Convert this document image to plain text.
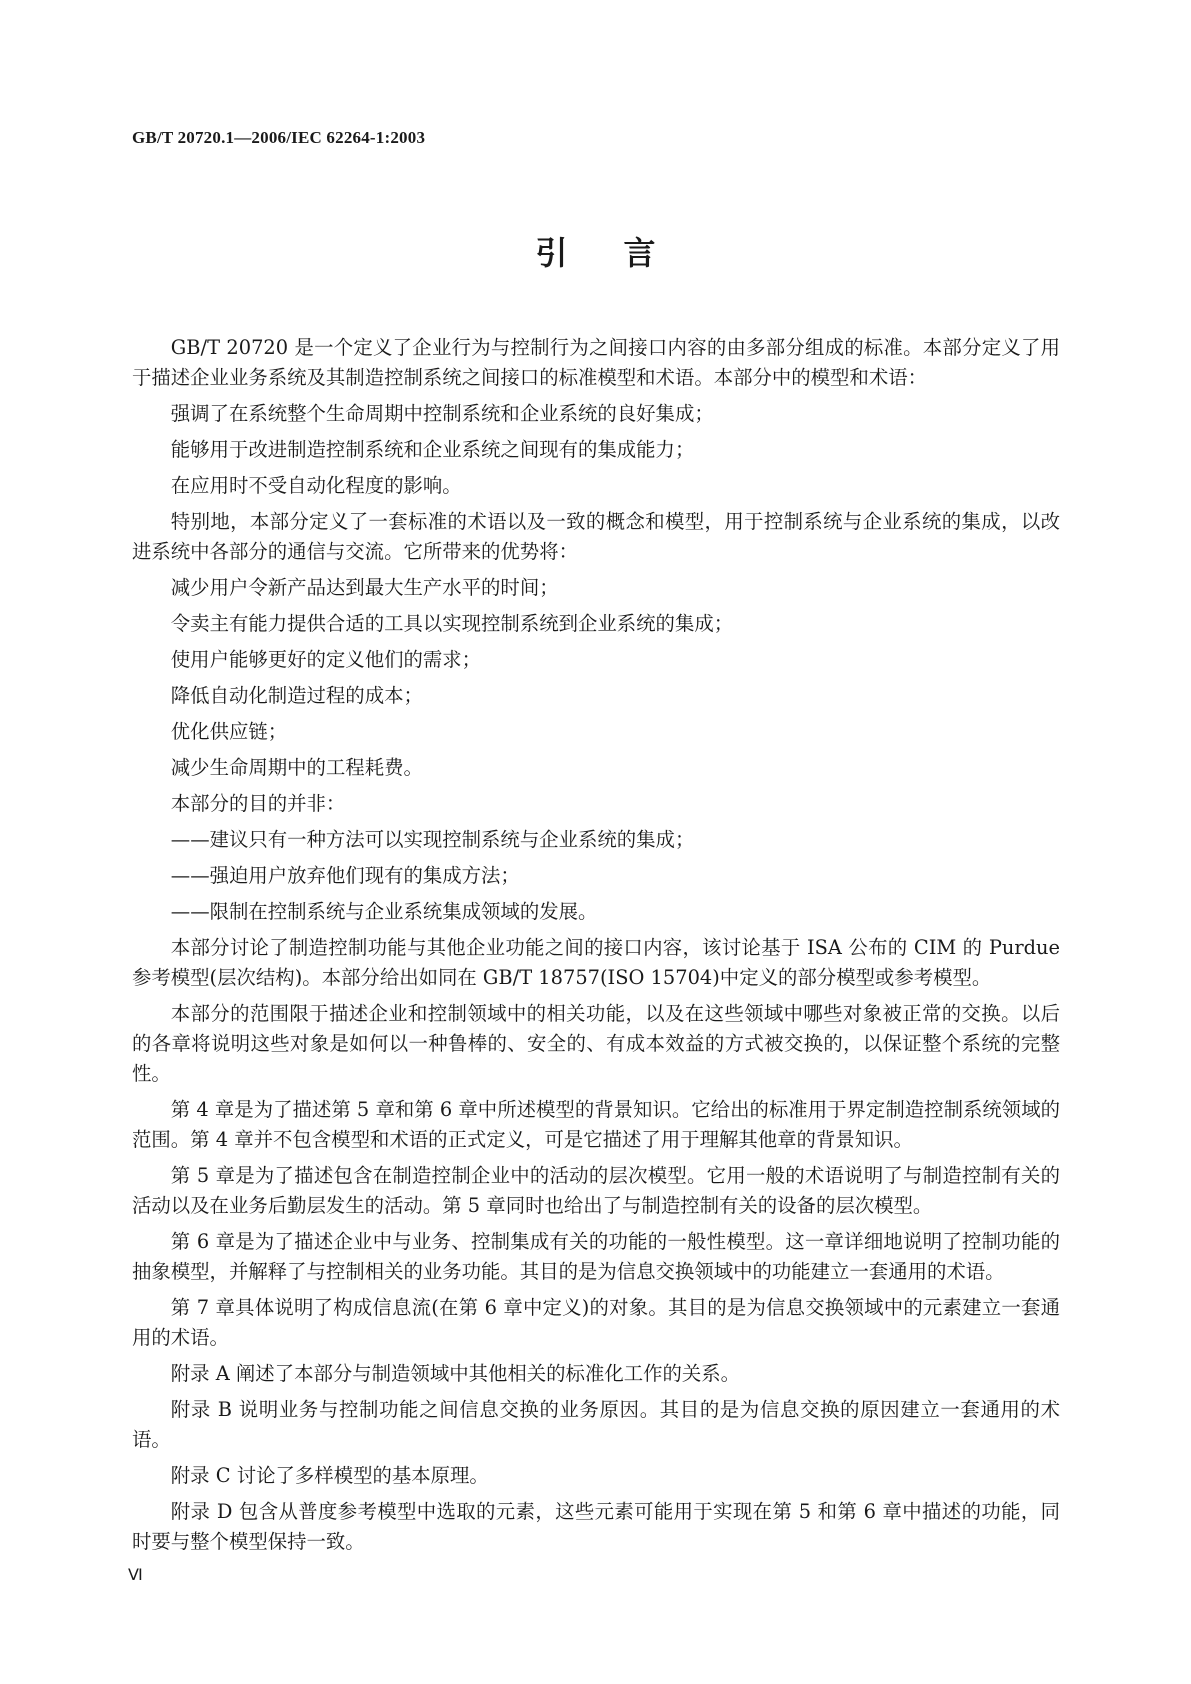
GB/T 20720.1—2006/IEC 62264-1:2003
引言

GB/T 20720 是一个定义了企业行为与控制行为之间接口内容的由多部分组成的标准。本部分定义了用于描述企业业务系统及其制造控制系统之间接口的标准模型和术语。本部分中的模型和术语：

强调了在系统整个生命周期中控制系统和企业系统的良好集成；

能够用于改进制造控制系统和企业系统之间现有的集成能力；

在应用时不受自动化程度的影响。

特别地，本部分定义了一套标准的术语以及一致的概念和模型，用于控制系统与企业系统的集成，以改进系统中各部分的通信与交流。它所带来的优势将：

减少用户令新产品达到最大生产水平的时间；

令卖主有能力提供合适的工具以实现控制系统到企业系统的集成；

使用户能够更好的定义他们的需求；

降低自动化制造过程的成本；

优化供应链；

减少生命周期中的工程耗费。

本部分的目的并非：

——建议只有一种方法可以实现控制系统与企业系统的集成；

——强迫用户放弃他们现有的集成方法；

——限制在控制系统与企业系统集成领域的发展。

本部分讨论了制造控制功能与其他企业功能之间的接口内容，该讨论基于 ISA 公布的 CIM 的 Purdue 参考模型(层次结构)。本部分给出如同在 GB/T 18757(ISO 15704)中定义的部分模型或参考模型。

本部分的范围限于描述企业和控制领域中的相关功能，以及在这些领域中哪些对象被正常的交换。以后的各章将说明这些对象是如何以一种鲁棒的、安全的、有成本效益的方式被交换的，以保证整个系统的完整性。

第 4 章是为了描述第 5 章和第 6 章中所述模型的背景知识。它给出的标准用于界定制造控制系统领域的范围。第 4 章并不包含模型和术语的正式定义，可是它描述了用于理解其他章的背景知识。

第 5 章是为了描述包含在制造控制企业中的活动的层次模型。它用一般的术语说明了与制造控制有关的活动以及在业务后勤层发生的活动。第 5 章同时也给出了与制造控制有关的设备的层次模型。

第 6 章是为了描述企业中与业务、控制集成有关的功能的一般性模型。这一章详细地说明了控制功能的抽象模型，并解释了与控制相关的业务功能。其目的是为信息交换领域中的功能建立一套通用的术语。

第 7 章具体说明了构成信息流(在第 6 章中定义)的对象。其目的是为信息交换领域中的元素建立一套通用的术语。

附录 A 阐述了本部分与制造领域中其他相关的标准化工作的关系。

附录 B 说明业务与控制功能之间信息交换的业务原因。其目的是为信息交换的原因建立一套通用的术语。

附录 C 讨论了多样模型的基本原理。

附录 D 包含从普度参考模型中选取的元素，这些元素可能用于实现在第 5 和第 6 章中描述的功能，同时要与整个模型保持一致。

Ⅵ
